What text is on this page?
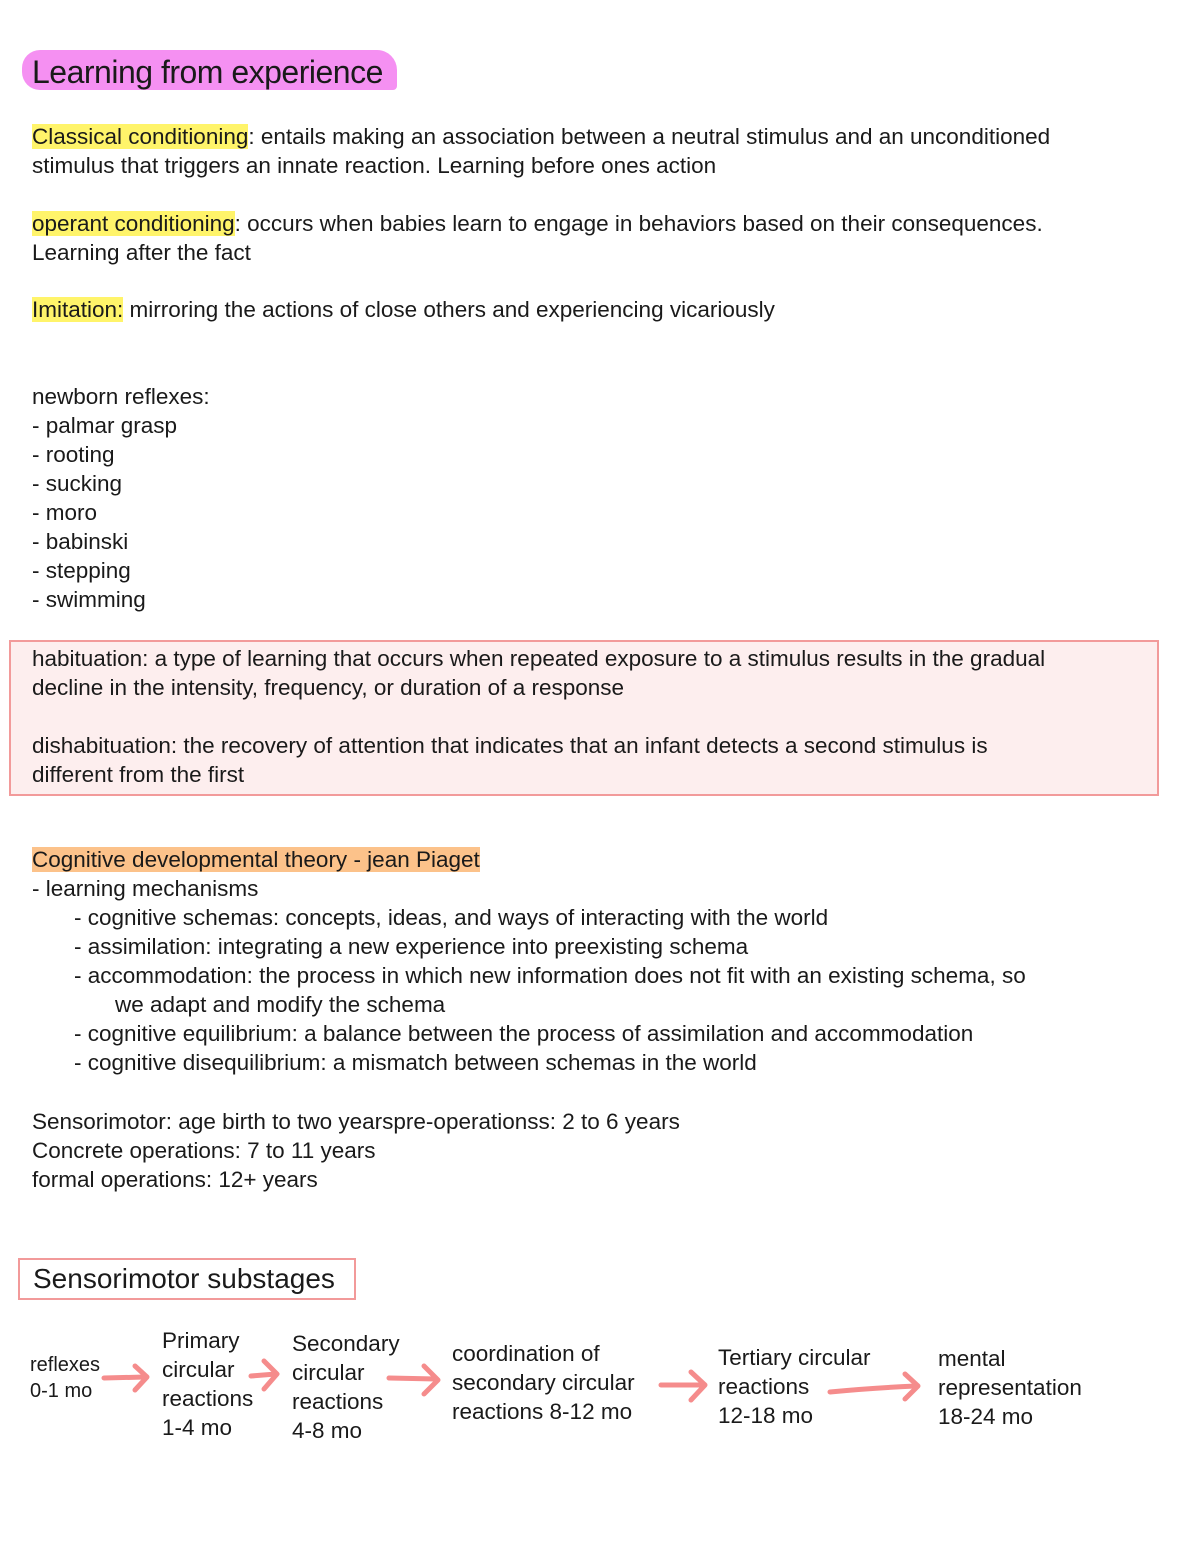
Learning from experience
Classical conditioning: entails making an association between a neutral stimulus and an unconditioned
stimulus that triggers an innate reaction. Learning before ones action
operant conditioning: occurs when babies learn to engage in behaviors based on their consequences.
Learning after the fact
Imitation: mirroring the actions of close others and experiencing vicariously
newborn reflexes:
- palmar grasp
- rooting
- sucking
- moro
- babinski
- stepping
- swimming
habituation: a type of learning that occurs when repeated exposure to a stimulus results in the gradual
decline in the intensity, frequency, or duration of a response
dishabituation: the recovery of attention that indicates that an infant detects a second stimulus is
different from the first
Cognitive developmental theory - jean Piaget
- learning mechanisms
- cognitive schemas: concepts, ideas, and ways of interacting with the world
- assimilation: integrating a new experience into preexisting schema
- accommodation: the process in which new information does not fit with an existing schema, so
we adapt and modify the schema
- cognitive equilibrium: a balance between the process of assimilation and accommodation
- cognitive disequilibrium: a mismatch between schemas in the world
Sensorimotor: age birth to two yearspre-operationss: 2 to 6 years
Concrete operations: 7 to 11 years
formal operations: 12+ years
Sensorimotor substages
reflexes
0-1 mo
Primary
circular
reactions
1-4 mo
Secondary
circular
reactions
4-8 mo
coordination of
secondary circular
reactions 8-12 mo
Tertiary circular
reactions
12-18 mo
mental
representation
18-24 mo
